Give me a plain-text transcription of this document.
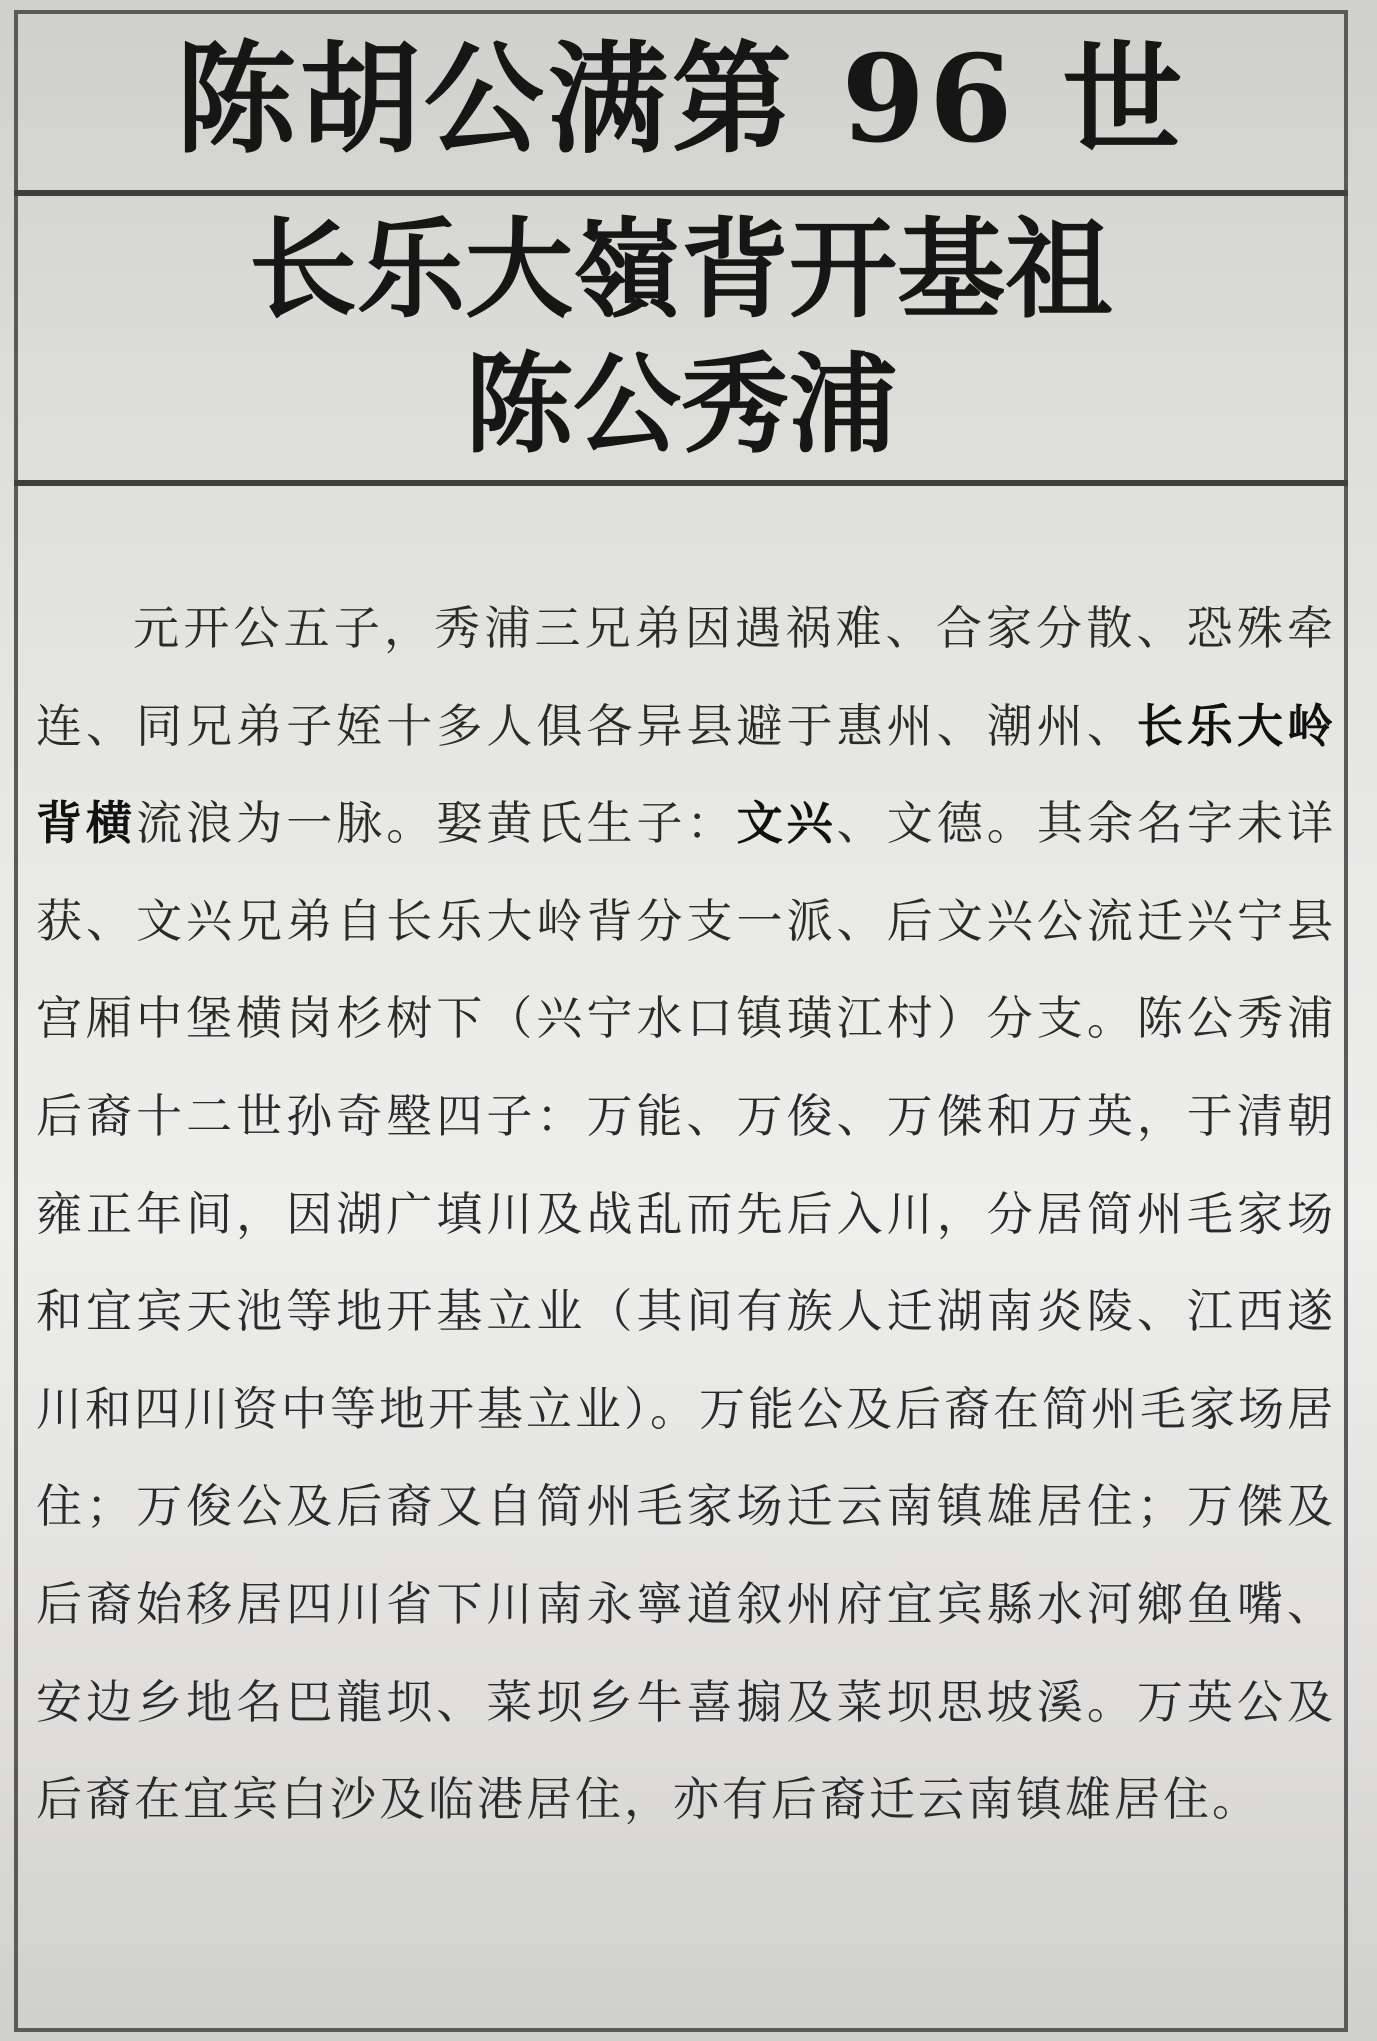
陈胡公满第 96 世
长乐大嶺背开基祖
陈公秀浦

元开公五子，秀浦三兄弟因遇祸难、合家分散、恐殊牵连、同兄弟子姪十多人俱各异县避于惠州、潮州、长乐大岭背横流浪为一脉。娶黄氏生子：文兴、文德。其余名字未详获、文兴兄弟自长乐大岭背分支一派、后文兴公流迁兴宁县宫厢中堡横岗杉树下（兴宁水口镇璜江村）分支。陈公秀浦后裔十二世孙奇壂四子：万能、万俊、万傑和万英，于清朝雍正年间，因湖广填川及战乱而先后入川，分居简州毛家场和宜宾天池等地开基立业（其间有族人迁湖南炎陵、江西遂川和四川资中等地开基立业）。万能公及后裔在简州毛家场居住；万俊公及后裔又自简州毛家场迁云南镇雄居住；万傑及后裔始移居四川省下川南永寧道叙州府宜宾縣水河鄉鱼嘴、安边乡地名巴龍坝、菜坝乡牛喜搧及菜坝思坡溪。万英公及后裔在宜宾白沙及临港居住，亦有后裔迁云南镇雄居住。
